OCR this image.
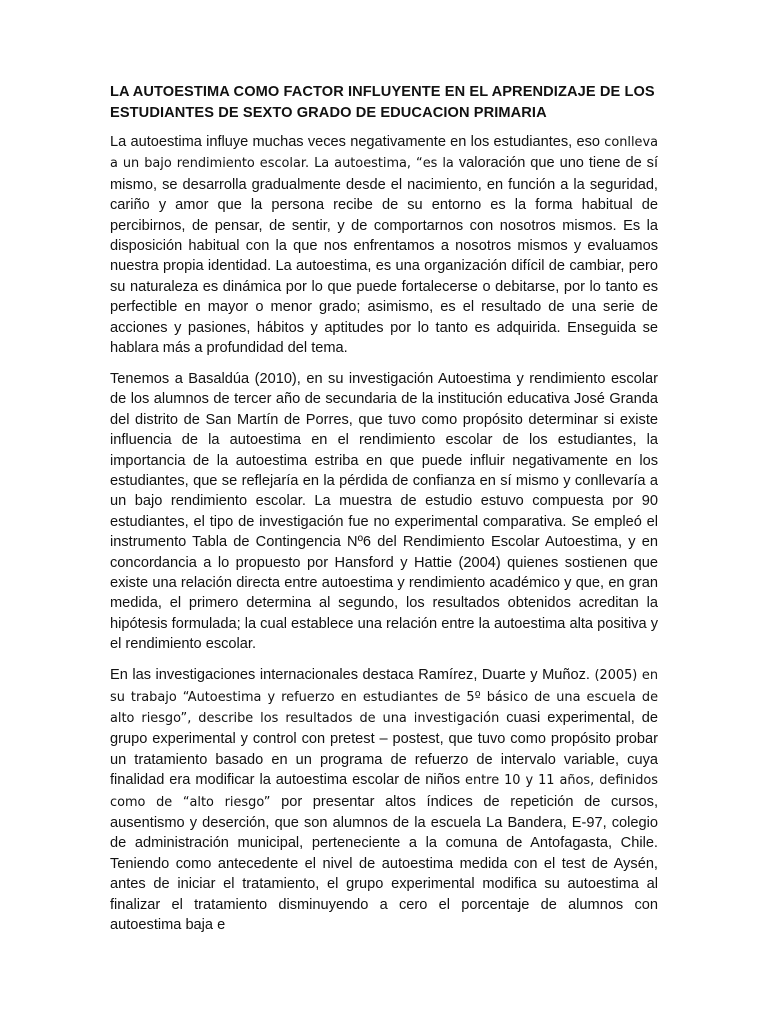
LA AUTOESTIMA COMO FACTOR INFLUYENTE EN EL APRENDIZAJE DE LOS ESTUDIANTES DE SEXTO GRADO DE EDUCACION PRIMARIA

La autoestima influye muchas veces negativamente en los estudiantes, eso conlleva a un bajo rendimiento escolar. La autoestima, “es la valoración que uno tiene de sí mismo, se desarrolla gradualmente desde el nacimiento, en función a la seguridad, cariño y amor que la persona recibe de su entorno es la forma habitual de percibirnos, de pensar, de sentir, y de comportarnos con nosotros mismos. Es la disposición habitual con la que nos enfrentamos a nosotros mismos y evaluamos nuestra propia identidad. La autoestima, es una organización difícil de cambiar, pero su naturaleza es dinámica por lo que puede fortalecerse o debitarse, por lo tanto es perfectible en mayor o menor grado; asimismo, es el resultado de una serie de acciones y pasiones, hábitos y aptitudes por lo tanto es adquirida. Enseguida se hablara más a profundidad del tema.

Tenemos a Basaldúa (2010), en su investigación Autoestima y rendimiento escolar de los alumnos de tercer año de secundaria de la institución educativa José Granda del distrito de San Martín de Porres, que tuvo como propósito determinar si existe influencia de la autoestima en el rendimiento escolar de los estudiantes, la importancia de la autoestima estriba en que puede influir negativamente en los estudiantes, que se reflejaría en la pérdida de confianza en sí mismo y conllevaría a un bajo rendimiento escolar. La muestra de estudio estuvo compuesta por 90 estudiantes, el tipo de investigación fue no experimental comparativa. Se empleó el instrumento Tabla de Contingencia Nº6 del Rendimiento Escolar Autoestima, y en concordancia a lo propuesto por Hansford y Hattie (2004) quienes sostienen que existe una relación directa entre autoestima y rendimiento académico y que, en gran medida, el primero determina al segundo, los resultados obtenidos acreditan la hipótesis formulada; la cual establece una relación entre la autoestima alta positiva y el rendimiento escolar.

En las investigaciones internacionales destaca Ramírez, Duarte y Muñoz. (2005) en su trabajo “Autoestima y refuerzo en estudiantes de 5º básico de una escuela de alto riesgo”, describe los resultados de una investigación cuasi experimental, de grupo experimental y control con pretest – postest, que tuvo como propósito probar un tratamiento basado en un programa de refuerzo de intervalo variable, cuya finalidad era modificar la autoestima escolar de niños entre 10 y 11 años, definidos como de “alto riesgo” por presentar altos índices de repetición de cursos, ausentismo y deserción, que son alumnos de la escuela La Bandera, E-97, colegio de administración municipal, perteneciente a la comuna de Antofagasta, Chile. Teniendo como antecedente el nivel de autoestima medida con el test de Aysén, antes de iniciar el tratamiento, el grupo experimental modifica su autoestima al finalizar el tratamiento disminuyendo a cero el porcentaje de alumnos con autoestima baja e
